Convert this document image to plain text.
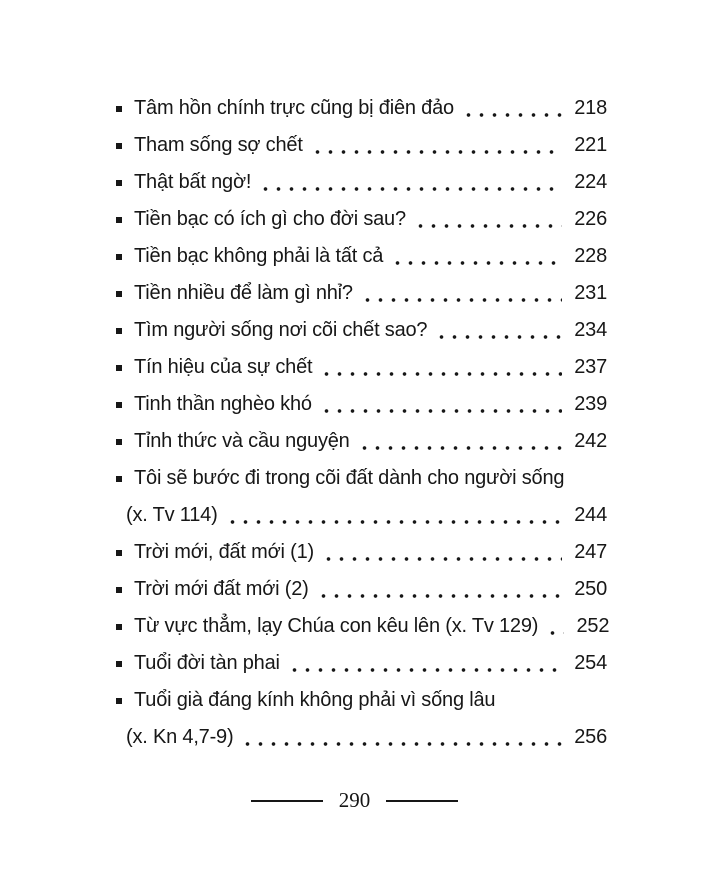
Tâm hồn chính trực cũng bị điên đảo	218
Tham sống sợ chết	221
Thật bất ngờ!	224
Tiền bạc có ích gì cho đời sau?	226
Tiền bạc không phải là tất cả	228
Tiền nhiều để làm gì nhỉ?	231
Tìm người sống nơi cõi chết sao?	234
Tín hiệu của sự chết	237
Tinh thần nghèo khó	239
Tỉnh thức và cầu nguyện	242
Tôi sẽ bước đi trong cõi đất dành cho người sống
(x. Tv 114)	244
Trời mới, đất mới (1)	247
Trời mới đất mới (2)	250
Từ vực thẳm, lạy Chúa con kêu lên (x. Tv 129)	252
Tuổi đời tàn phai	254
Tuổi già đáng kính không phải vì sống lâu
(x. Kn 4,7-9)	256
290
